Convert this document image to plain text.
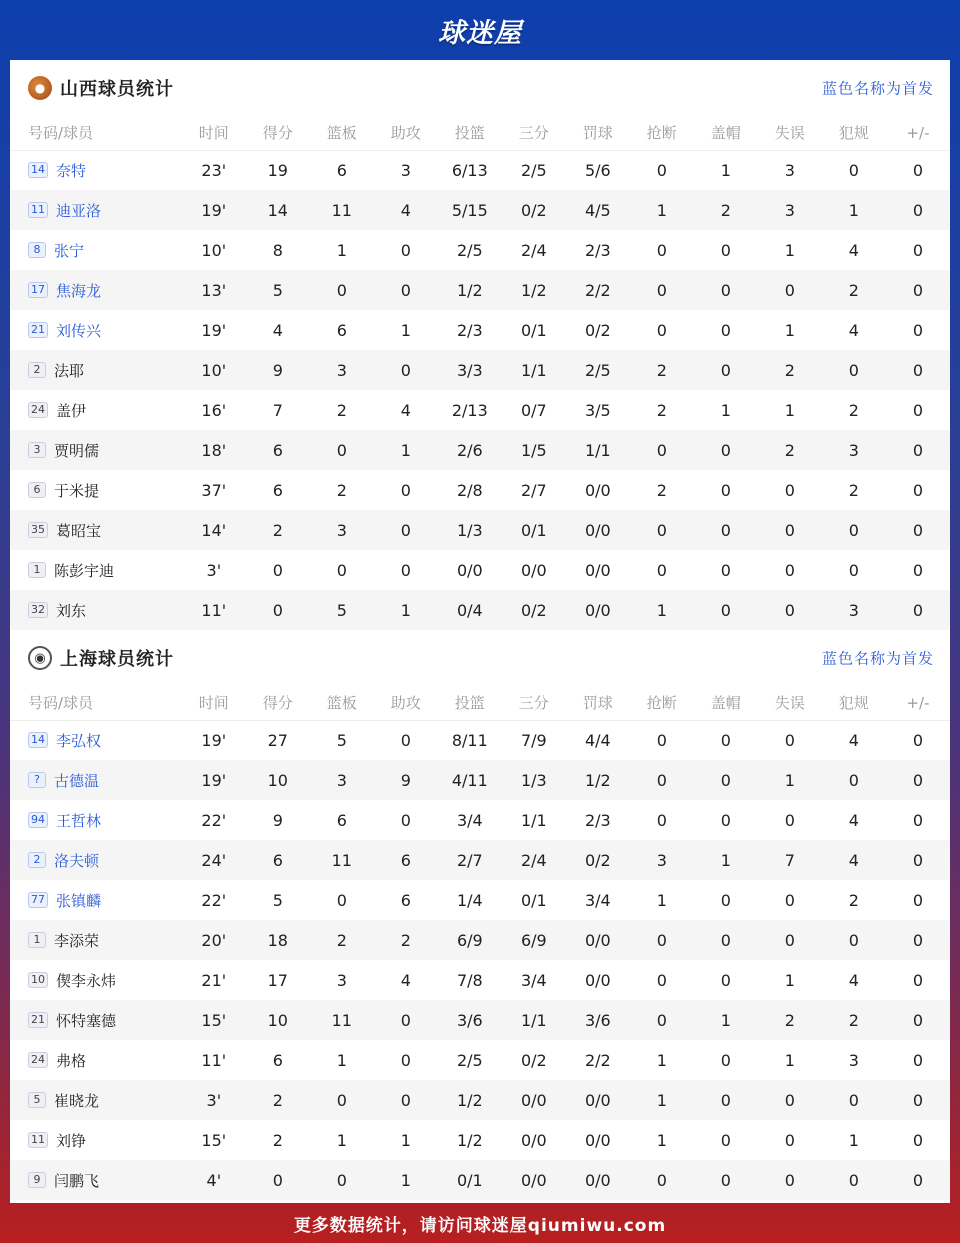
球迷屋
● 山西球员统计	蓝色名称为首发
号码/球员	时间	得分	篮板	助攻	投篮	三分	罚球	抢断	盖帽	失误	犯规	+/-
14 奈特	23'	19	6	3	6/13	2/5	5/6	0	1	3	0	0
11 迪亚洛	19'	14	11	4	5/15	0/2	4/5	1	2	3	1	0
8 张宁	10'	8	1	0	2/5	2/4	2/3	0	0	1	4	0
17 焦海龙	13'	5	0	0	1/2	1/2	2/2	0	0	0	2	0
21 刘传兴	19'	4	6	1	2/3	0/1	0/2	0	0	1	4	0
2 法耶	10'	9	3	0	3/3	1/1	2/5	2	0	2	0	0
24 盖伊	16'	7	2	4	2/13	0/7	3/5	2	1	1	2	0
3 贾明儒	18'	6	0	1	2/6	1/5	1/1	0	0	2	3	0
6 于米提	37'	6	2	0	2/8	2/7	0/0	2	0	0	2	0
35 葛昭宝	14'	2	3	0	1/3	0/1	0/0	0	0	0	0	0
1 陈彭宇迪	3'	0	0	0	0/0	0/0	0/0	0	0	0	0	0
32 刘东	11'	0	5	1	0/4	0/2	0/0	1	0	0	3	0
◉ 上海球员统计	蓝色名称为首发
号码/球员	时间	得分	篮板	助攻	投篮	三分	罚球	抢断	盖帽	失误	犯规	+/-
14 李弘权	19'	27	5	0	8/11	7/9	4/4	0	0	0	4	0
? 古德温	19'	10	3	9	4/11	1/3	1/2	0	0	1	0	0
94 王哲林	22'	9	6	0	3/4	1/1	2/3	0	0	0	4	0
2 洛夫顿	24'	6	11	6	2/7	2/4	0/2	3	1	7	4	0
77 张镇麟	22'	5	0	6	1/4	0/1	3/4	1	0	0	2	0
1 李添荣	20'	18	2	2	6/9	6/9	0/0	0	0	0	0	0
10 偰李永炜	21'	17	3	4	7/8	3/4	0/0	0	0	1	4	0
21 怀特塞德	15'	10	11	0	3/6	1/1	3/6	0	1	2	2	0
24 弗格	11'	6	1	0	2/5	0/2	2/2	1	0	1	3	0
5 崔晓龙	3'	2	0	0	1/2	0/0	0/0	1	0	0	0	0
11 刘铮	15'	2	1	1	1/2	0/0	0/0	1	0	0	1	0
9 闫鹏飞	4'	0	0	1	0/1	0/0	0/0	0	0	0	0	0
更多数据统计，请访问球迷屋qiumiwu.com
